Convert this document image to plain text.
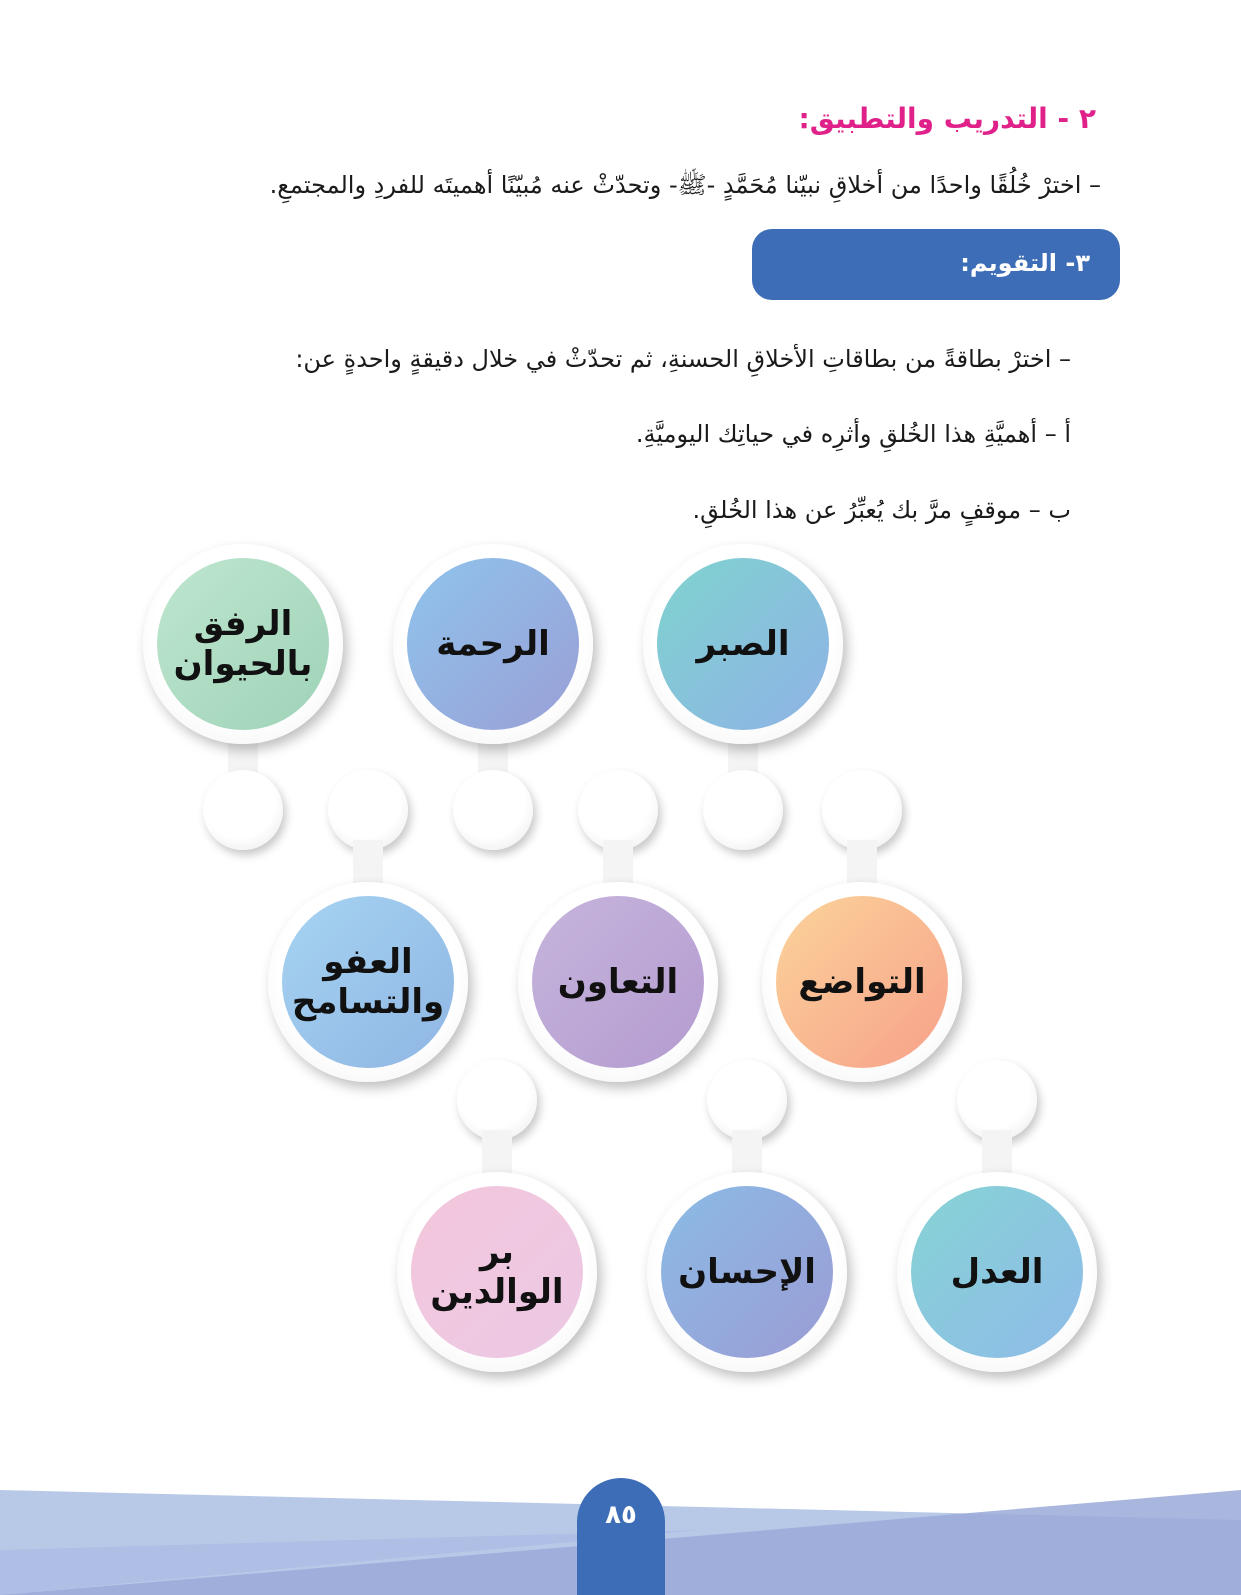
٢ - التدريب والتطبيق:
– اخترْ خُلُقًا واحدًا من أخلاقِ نبيّنا مُحَمَّدٍ -ﷺ- وتحدّثْ عنه مُبيّنًا أهميتَه للفردِ والمجتمعِ.
٣- التقويم:
– اخترْ بطاقةً من بطاقاتِ الأخلاقِ الحسنةِ، ثم تحدّثْ في خلال دقيقةٍ واحدةٍ عن:
أ – أهميَّةِ هذا الخُلقِ وأثرِه في حياتِك اليوميَّةِ.
ب – موقفٍ مرَّ بك يُعبِّرُ عن هذا الخُلقِ.
الصبر
الرحمة
الرفق بالحيوان
التواضع
التعاون
العفو والتسامح
العدل
الإحسان
بر الوالدين
٨٥
